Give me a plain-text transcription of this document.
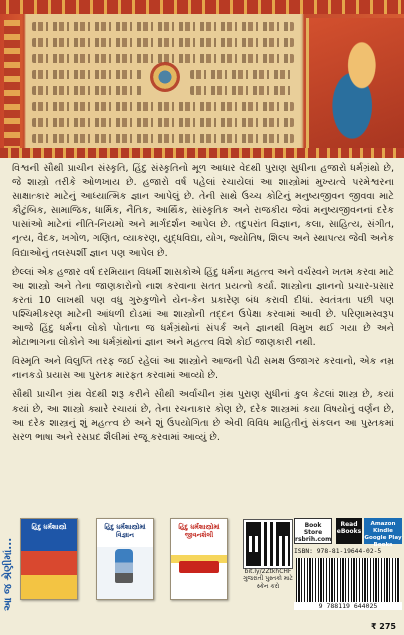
વિશ્વની સૌથી પ્રાચીન સંસ્કૃતિ, હિંદુ સંસ્કૃતિનો મૂળ આધાર વેદથી પુરાણ સુધીના હજારો ધર્મગ્રંથો છે, જે શાસ્ત્રો તરીકે ઓળખાય છે. હજારો વર્ષ પહેલાં રચાયેલાં આ શાસ્ત્રોમાં મુખ્યત્વે પરમેશ્વરના સાક્ષાત્કાર માટેનું આધ્યાત્મિક જ્ઞાન આપેલું છે. તેની સાથે ઉચ્ચ કોટિનું મનુષ્યજીવન જીવવા માટે કૌટુંબિક, સામાજિક, ધાર્મિક, નૈતિક, આર્થિક, સાંસ્કૃતિક અને રાજકીય જેવાં મનુષ્યજીવનનાં દરેક પાસાંઓ માટેનાં નીતિ-નિયમો અને માર્ગદર્શન આપેલ છે. તદુપરાંત વિજ્ઞાન, કલા, સાહિત્ય, સંગીત, નૃત્ય, વૈદક, ખગોળ, ગણિત, વ્યાકરણ, યુદ્ધવિદ્યા, યોગ, જ્યોતિષ, શિલ્પ અને સ્થાપત્ય જેવી અનેક વિદ્યાઓનું તલસ્પર્શી જ્ઞાન પણ આપેલ છે.

છેલ્લાં એક હજાર વર્ષ દરમિયાન વિધર્મી શાસકોએ હિંદુ ધર્મના મહત્ત્વ અને વર્ચસ્વને ખતમ કરવા માટે આ શાસ્ત્રો અને તેના જાણકારોનો નાશ કરવાના સતત પ્રયત્નો કર્યા. શાસ્ત્રોના જ્ઞાનનો પ્રચાર-પ્રસાર કરતાં 10 લાખથી પણ વધુ ગુરુકુળોને યેન-કેન પ્રકારેણ બંધ કરાવી દીધાં. સ્વતંત્રતા પછી પણ પશ્ચિમીકરણ માટેની આંધળી દોડમાં આ શાસ્ત્રોની તદ્દન ઉપેક્ષા કરવામાં આવી છે. પરિણામસ્વરૂપ આજે હિંદુ ધર્મના લોકો પોતાના જ ધર્મગ્રંથોનાં સંપર્ક અને જ્ઞાનથી વિમુખ થઈ ગયા છે અને મોટાભાગના લોકોને આ ધર્મગ્રંથોનાં જ્ઞાન અને મહત્ત્વ વિશે કોઈ જાણકારી નથી.

વિસ્મૃતિ અને વિલુપ્તિ તરફ જઈ રહેલાં આ શાસ્ત્રોને આજની પેઢી સમક્ષ ઉજાગર કરવાનો, એક નમ્ર નાનકડો પ્રયાસ આ પુસ્તક મારફત કરવામાં આવ્યો છે.

સૌથી પ્રાચીન ગ્રંથ વેદથી શરૂ કરીને સૌથી અર્વાચીન ગ્રંથ પુરાણ સુધીનાં કુલ કેટલાં શાસ્ત્ર છે, કયાં કયાં છે, આ શાસ્ત્રો ક્યારે રચાયાં છે, તેના રચનાકાર કોણ છે, દરેક શાસ્ત્રમાં કયા વિષયોનું વર્ણન છે, આ દરેક શાસ્ત્રનું શું મહત્ત્વ છે અને શું ઉપયોગિતા છે એવી વિવિધ માહિતીનું સંકલન આ પુસ્તકમાં સરળ ભાષા અને રસપ્રદ શૈલીમાં રજૂ કરવામાં આવ્યું છે.

આ જ શ્રેણીમાં...
હિંદુ ધર્મશાસ્ત્રો	હિંદુ ધર્મશાસ્ત્રોમાં વિજ્ઞાન
હિંદુ ધર્મશાસ્ત્રોમાં જીવનશૈલી
bit.ly/2ZtkhCHF
ગુજરાતી પુસ્તકો માટે સ્કેન કરો
Book Store
rsbrih.com
Read eBooks
Amazon Kindle Google Play Books
ISBN: 978-81-19644-02-5
9 788119 644025
₹ 275
